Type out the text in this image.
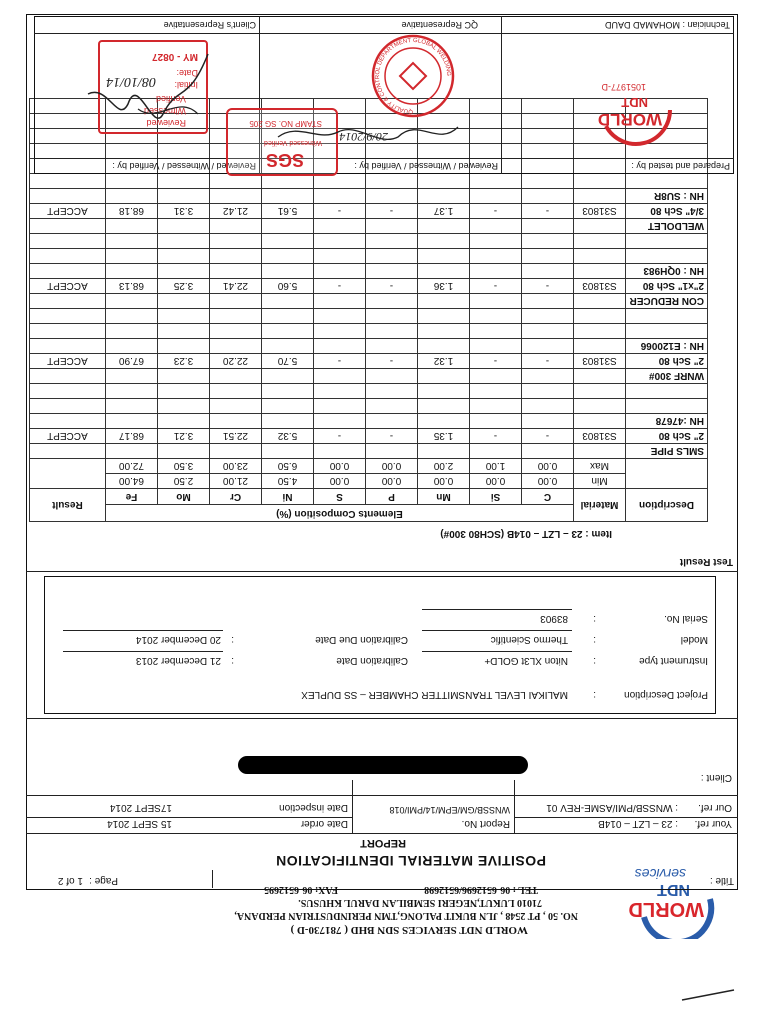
WORLD
NDT
services
WORLD NDT SERVICES SDN BHD ( 781730-D )
NO. 50 , PT 2548 , JLN BUKIT PALONG,TMN PERINDUSTRIAN PERDANA,
71010 LUKUT,NEGERI SEMBILAN DARUL KHUSUS.
TEL : 06-6512696/6512698
FAX: 06-6512695
Title :
Page :
1 of 2
POSITIVE MATERIAL IDENTIFICATION
REPORT
Your ref.
: 23 – LZT – 014B
Report No.
WNSSB/GM/EPM/14/PMI/018
Date order
15 SEPT 2014
Our ref.
: WNSSB/PMI/ASME-REV 01
Date inspection
17SEPT 2014
Client :
Project Description
:
MALIKAI LEVEL TRANSMITTER CHAMBER – SS DUPLEX
Instrument type
:
Niton XL3t GOLD+
Calibration Date
:
21 December 2013
Model
:
Thermo Scientific
Calibration Due Date
:
20 December 2014
Serial No.
:
83903
Test Result
Item : 23 – LZT – 014B (SCH80 300#)
Description	Material	Elements Composition (%)									Result
		C	Si	Mn	P	S	Ni	Cr	Mo	Fe	
	Min	0.00	0.00	0.00	0.00	0.00	4.50	21.00	2.50	64.00	
	Max	0.00	1.00	2.00	0.00	0.00	6.50	23.00	3.50	72.00	
SMLS PIPE											
2" Sch 80	S31803	-	-	1.35	-	-	5.32	22.51	3.21	68.17	ACCEPT
HN :47678											

WNRF 300#											
2" Sch 80	S31803	-	-	1.32	-	-	5.70	22.20	3.23	67.90	ACCEPT
HN : E120066											

CON REDUCER											
2"x1" Sch 80	S31803	-	-	1.36	-	-	5.60	22.41	3.25	68.13	ACCEPT
HN : 0QH983											

WELDOLET											
3/4" Sch 80	S31803	-	-	1.37	-	-	5.61	21.42	3.31	68.18	ACCEPT
HN : SU8R											

Prepared and tested by :
Reviewed / Witnessed / Verified by :
Reviewed / Witnessed / Verified by :
Technician : MOHAMAD DAUD
QC Representative
Client’s Representative
WORLD
NDT
1051977-D
QUALITY & CONTROL DEPARTMENT GLOBAL WELDING
SGS
Witnessed Verified
STAMP NO. SG 205
Reviewed
Witnessed
Verified
Initial:
Date:
MY - 0827
08/10/14
20/9/2014
